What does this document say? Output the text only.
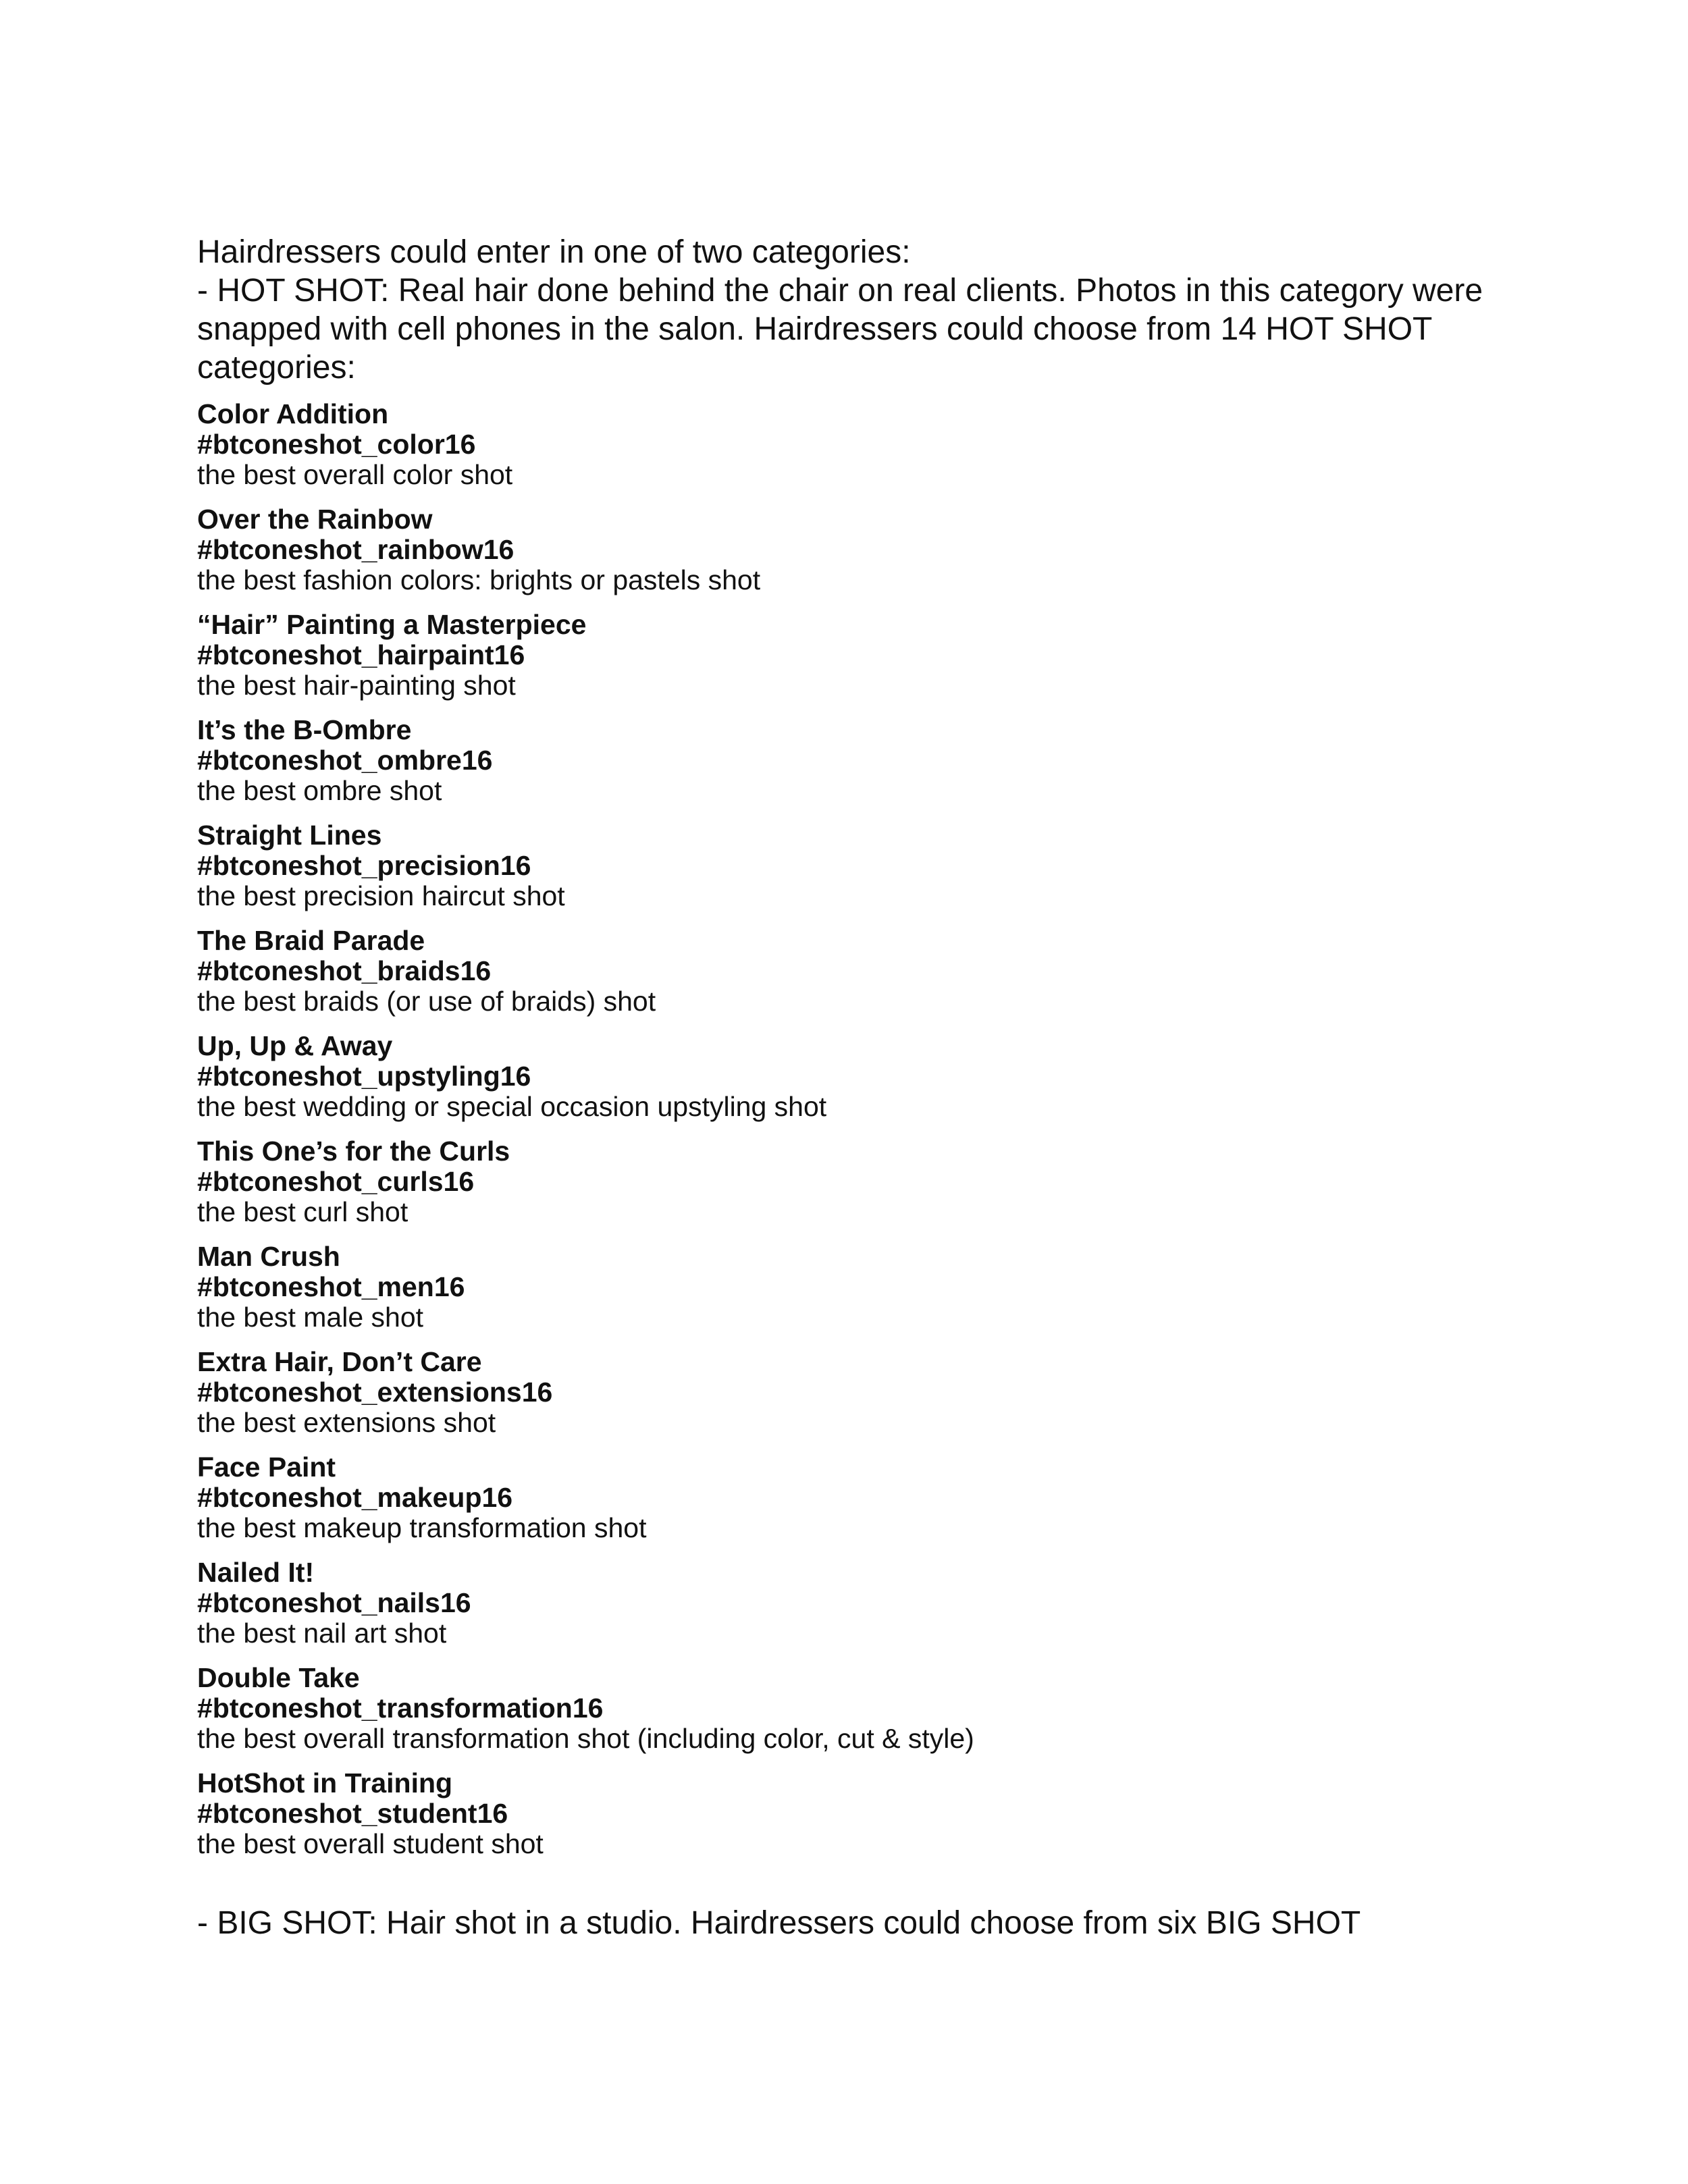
Hairdressers could enter in one of two categories:
- HOT SHOT: Real hair done behind the chair on real clients. Photos in this category were snapped with cell phones in the salon. Hairdressers could choose from 14 HOT SHOT categories:

Color Addition
#btconeshot_color16
the best overall color shot
Over the Rainbow
#btconeshot_rainbow16
the best fashion colors: brights or pastels shot
“Hair” Painting a Masterpiece
#btconeshot_hairpaint16
the best hair-painting shot
It’s the B-Ombre
#btconeshot_ombre16
the best ombre shot
Straight Lines
#btconeshot_precision16
the best precision haircut shot
The Braid Parade
#btconeshot_braids16
the best braids (or use of braids) shot
Up, Up & Away
#btconeshot_upstyling16
the best wedding or special occasion upstyling shot
This One’s for the Curls
#btconeshot_curls16
the best curl shot
Man Crush
#btconeshot_men16
the best male shot
Extra Hair, Don’t Care
#btconeshot_extensions16
the best extensions shot
Face Paint
#btconeshot_makeup16
the best makeup transformation shot
Nailed It!
#btconeshot_nails16
the best nail art shot
Double Take
#btconeshot_transformation16
the best overall transformation shot (including color, cut & style)
HotShot in Training
#btconeshot_student16
the best overall student shot

- BIG SHOT: Hair shot in a studio. Hairdressers could choose from six BIG SHOT
